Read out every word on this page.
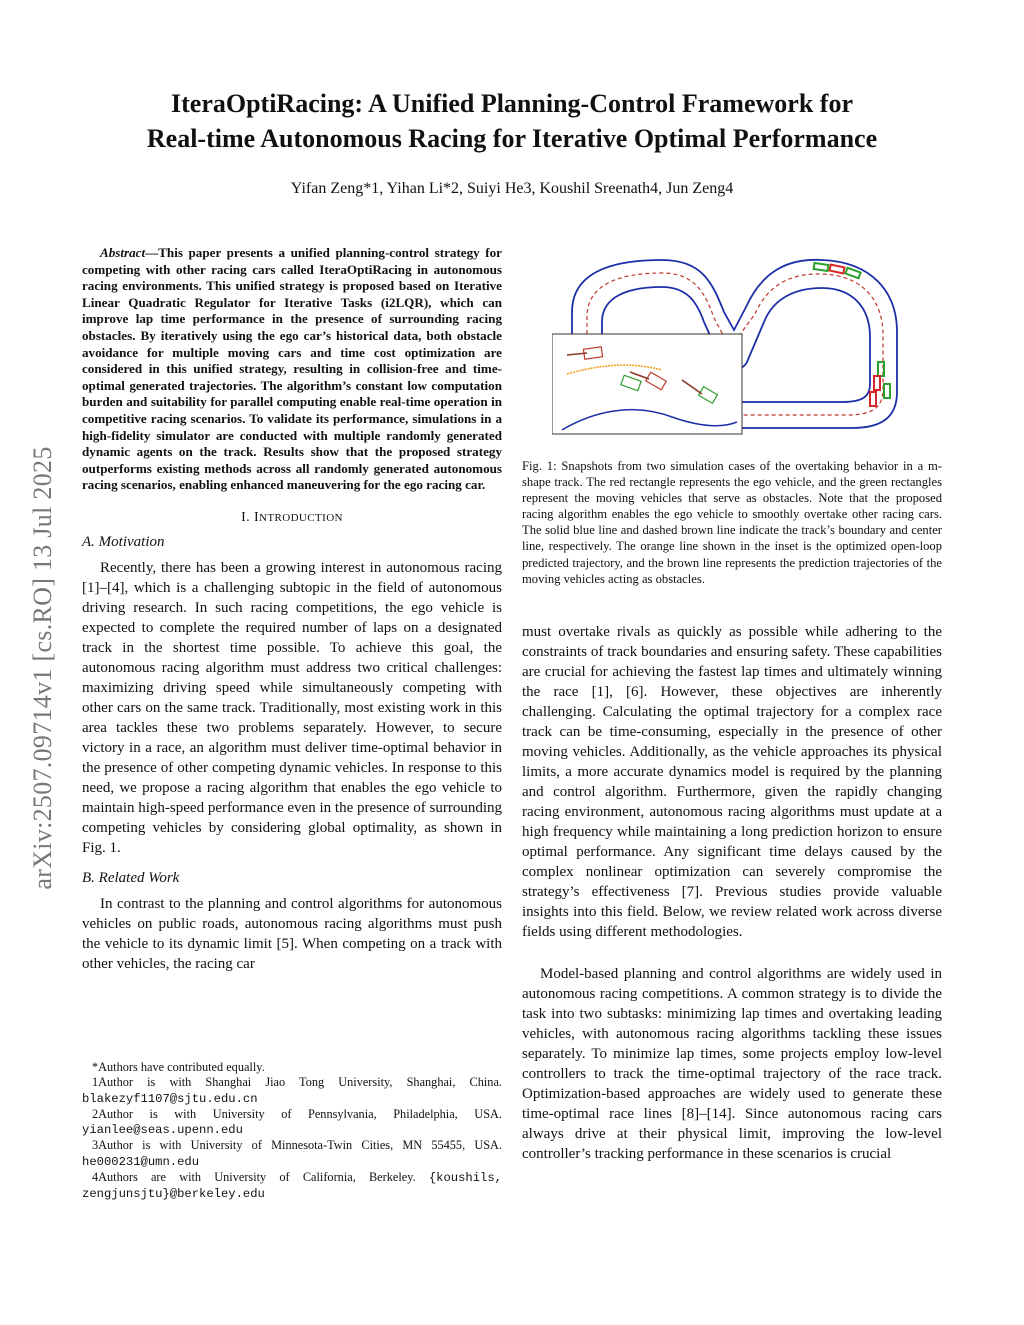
IteraOptiRacing: A Unified Planning-Control Framework for
Real-time Autonomous Racing for Iterative Optimal Performance
Yifan Zeng*1, Yihan Li*2, Suiyi He3, Koushil Sreenath4, Jun Zeng4
arXiv:2507.09714v1 [cs.RO] 13 Jul 2025

Abstract—This paper presents a unified planning-control strategy for competing with other racing cars called IteraOptiRacing in autonomous racing environments. This unified strategy is proposed based on Iterative Linear Quadratic Regulator for Iterative Tasks (i2LQR), which can improve lap time performance in the presence of surrounding racing obstacles. By iteratively using the ego car’s historical data, both obstacle avoidance for multiple moving cars and time cost optimization are considered in this unified strategy, resulting in collision-free and time-optimal generated trajectories. The algorithm’s constant low computation burden and suitability for parallel computing enable real-time operation in competitive racing scenarios. To validate its performance, simulations in a high-fidelity simulator are conducted with multiple randomly generated dynamic agents on the track. Results show that the proposed strategy outperforms existing methods across all randomly generated autonomous racing scenarios, enabling enhanced maneuvering for the ego racing car.

I. INTRODUCTION

A. Motivation

Recently, there has been a growing interest in autonomous racing [1]–[4], which is a challenging subtopic in the field of autonomous driving research. In such racing competitions, the ego vehicle is expected to complete the required number of laps on a designated track in the shortest time possible. To achieve this goal, the autonomous racing algorithm must address two critical challenges: maximizing driving speed while simultaneously competing with other cars on the same track. Traditionally, most existing work in this area tackles these two problems separately. However, to secure victory in a race, an algorithm must deliver time-optimal behavior in the presence of other competing dynamic vehicles. In response to this need, we propose a racing algorithm that enables the ego vehicle to maintain high-speed performance even in the presence of surrounding competing vehicles by considering global optimality, as shown in Fig. 1.

B. Related Work

In contrast to the planning and control algorithms for autonomous vehicles on public roads, autonomous racing algorithms must push the vehicle to its dynamic limit [5]. When competing on a track with other vehicles, the racing car

*Authors have contributed equally.
1Author is with Shanghai Jiao Tong University, Shanghai, China. blakezyf1107@sjtu.edu.cn
2Author is with University of Pennsylvania, Philadelphia, USA. yianlee@seas.upenn.edu
3Author is with University of Minnesota-Twin Cities, MN 55455, USA. he000231@umn.edu
4Authors are with University of California, Berkeley. {koushils, zengjunsjtu}@berkeley.edu
Fig. 1: Snapshots from two simulation cases of the overtaking behavior in a m-shape track. The red rectangle represents the ego vehicle, and the green rectangles represent the moving vehicles that serve as obstacles. Note that the proposed racing algorithm enables the ego vehicle to smoothly overtake other racing cars. The solid blue line and dashed brown line indicate the track’s boundary and center line, respectively. The orange line shown in the inset is the optimized open-loop predicted trajectory, and the brown line represents the prediction trajectories of the moving vehicles acting as obstacles.

must overtake rivals as quickly as possible while adhering to the constraints of track boundaries and ensuring safety. These capabilities are crucial for achieving the fastest lap times and ultimately winning the race [1], [6]. However, these objectives are inherently challenging. Calculating the optimal trajectory for a complex race track can be time-consuming, especially in the presence of other moving vehicles. Additionally, as the vehicle approaches its physical limits, a more accurate dynamics model is required by the planning and control algorithm. Furthermore, given the rapidly changing racing environment, autonomous racing algorithms must update at a high frequency while maintaining a long prediction horizon to ensure optimal performance. Any significant time delays caused by the complex nonlinear optimization can severely compromise the strategy’s effectiveness [7]. Previous studies provide valuable insights into this field. Below, we review related work across diverse fields using different methodologies.

Model-based planning and control algorithms are widely used in autonomous racing competitions. A common strategy is to divide the task into two subtasks: minimizing lap times and overtaking leading vehicles, with autonomous racing algorithms tackling these issues separately. To minimize lap times, some projects employ low-level controllers to track the time-optimal trajectory of the race track. Optimization-based approaches are widely used to generate these time-optimal race lines [8]–[14]. Since autonomous racing cars always drive at their physical limit, improving the low-level controller’s tracking performance in these scenarios is crucial
